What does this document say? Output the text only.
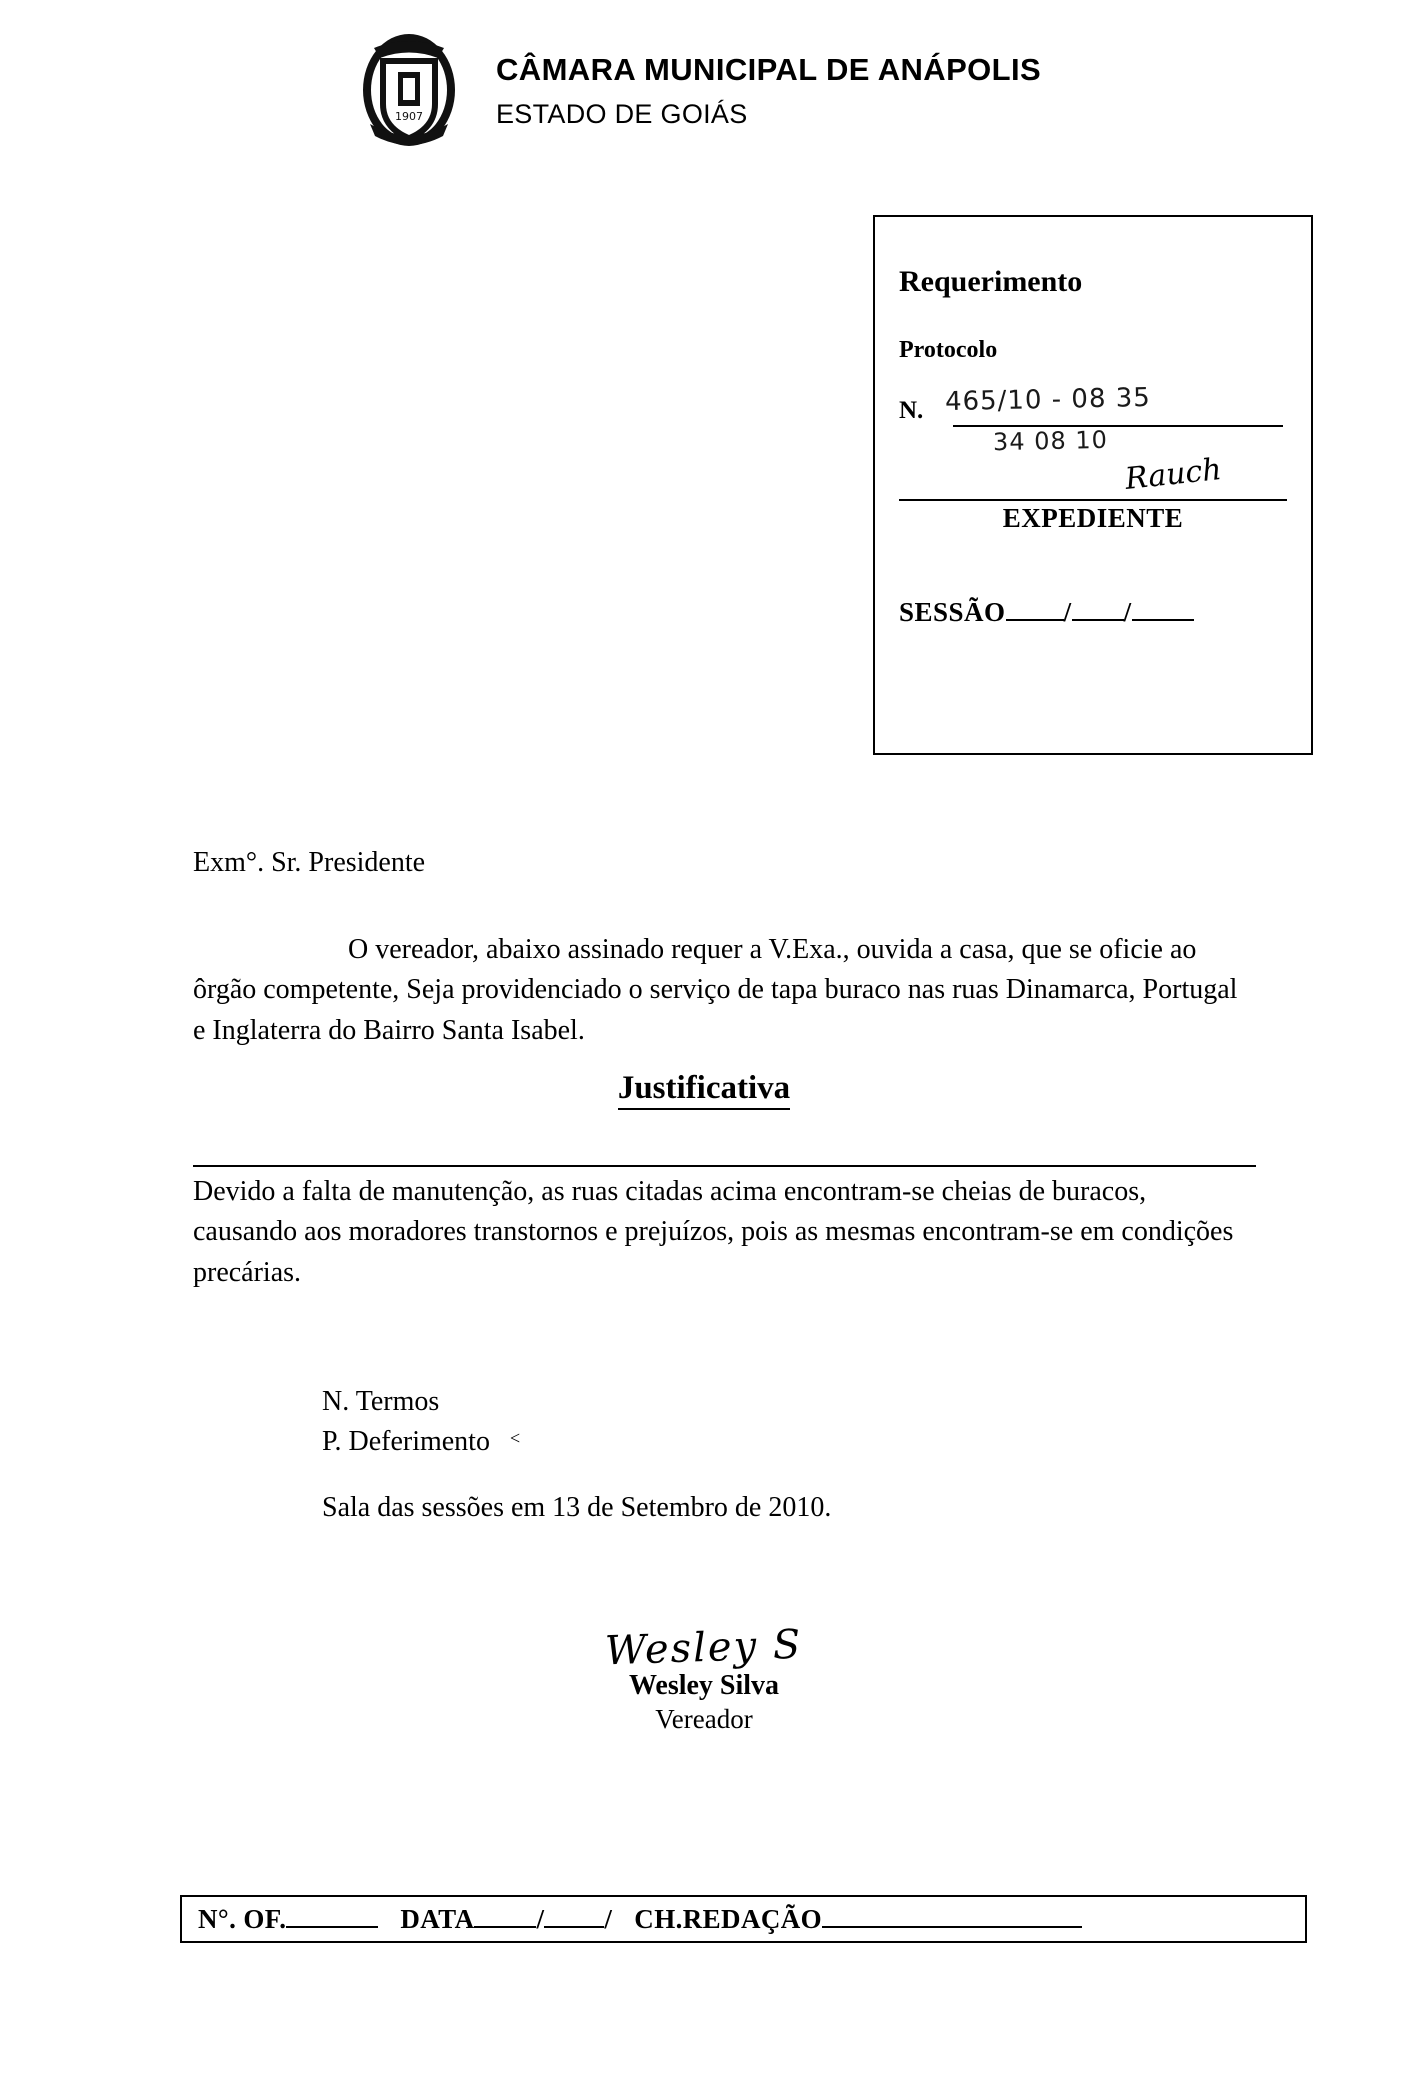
1907
CÂMARA MUNICIPAL DE ANÁPOLIS
ESTADO DE GOIÁS
Requerimento
Protocolo
N. 465/10 - 08 35
34 08 10
Rauch
EXPEDIENTE
SESSÃO / /
Exm°. Sr. Presidente
O vereador, abaixo assinado requer a V.Exa., ouvida a casa, que se oficie ao ôrgão competente, Seja providenciado o serviço de tapa buraco nas ruas Dinamarca, Portugal e Inglaterra do Bairro Santa Isabel.
Justificativa
Devido a falta de manutenção, as ruas citadas acima encontram-se cheias de buracos, causando aos moradores transtornos e prejuízos, pois as mesmas encontram-se em condições precárias.
N. Termos
P. Deferimento ˂
Sala das sessões em 13 de Setembro de 2010.
Wesley S
Wesley Silva
Vereador
N°. OF.	DATA / / CH.REDAÇÃO
